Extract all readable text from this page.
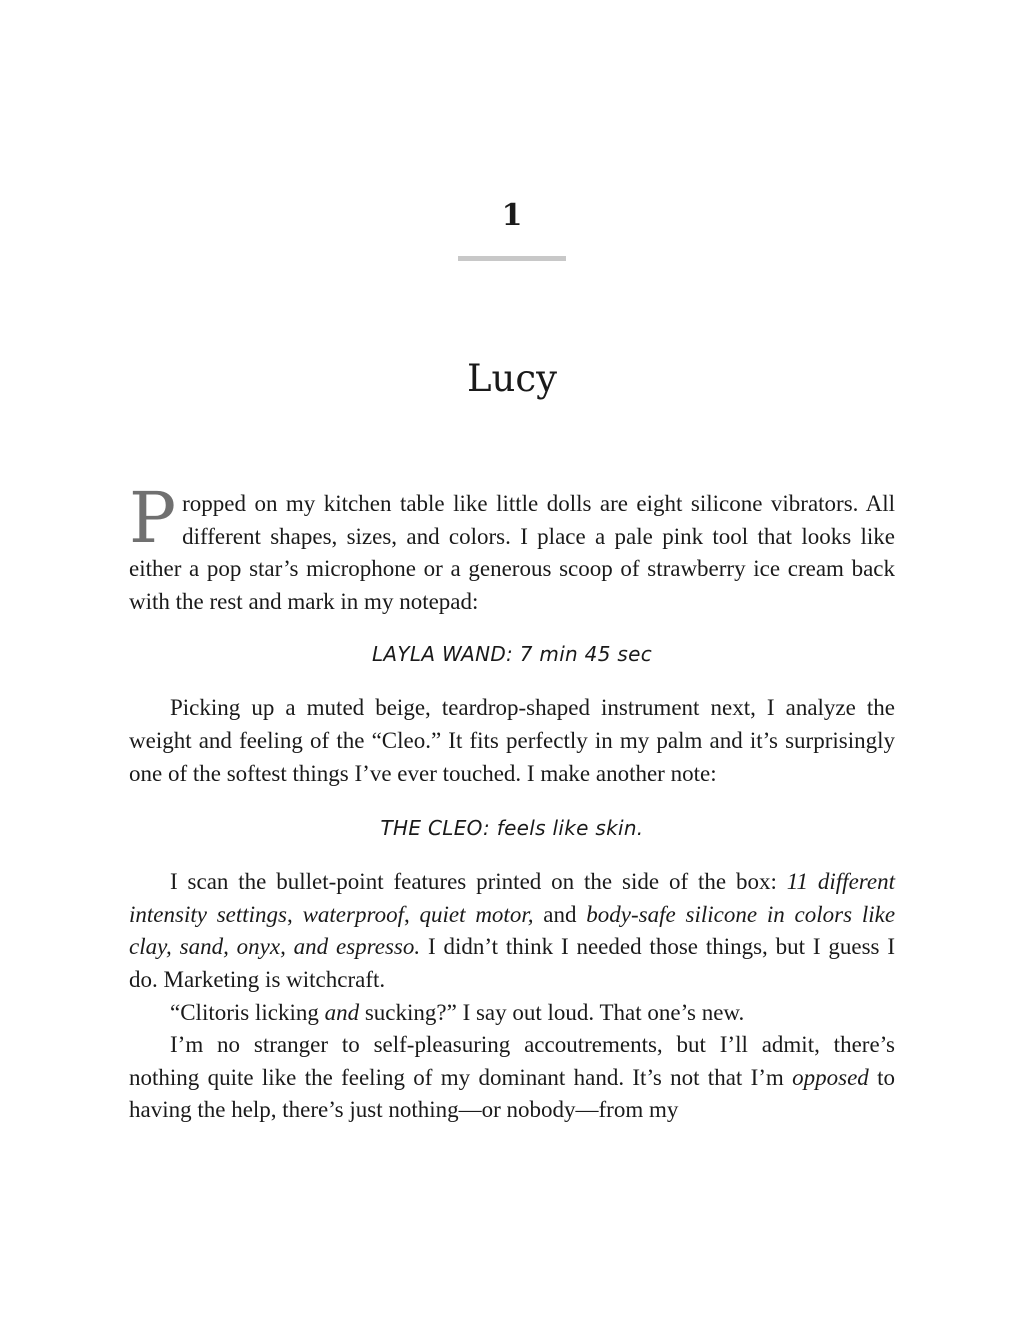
1
Lucy

Propped on my kitchen table like little dolls are eight silicone vibrators. All different shapes, sizes, and colors. I place a pale pink tool that looks like either a pop star’s microphone or a generous scoop of strawberry ice cream back with the rest and mark in my notepad:

LAYLA WAND: 7 min 45 sec

Picking up a muted beige, teardrop-shaped instrument next, I analyze the weight and feeling of the “Cleo.” It fits perfectly in my palm and it’s surprisingly one of the softest things I’ve ever touched. I make another note:

THE CLEO: feels like skin.

I scan the bullet-point features printed on the side of the box: 11 different intensity settings, waterproof, quiet motor, and body-safe silicone in colors like clay, sand, onyx, and espresso. I didn’t think I needed those things, but I guess I do. Marketing is witchcraft.

“Clitoris licking and sucking?” I say out loud. That one’s new.

I’m no stranger to self-pleasuring accoutrements, but I’ll admit, there’s nothing quite like the feeling of my dominant hand. It’s not that I’m opposed to having the help, there’s just nothing—or nobody—from my
